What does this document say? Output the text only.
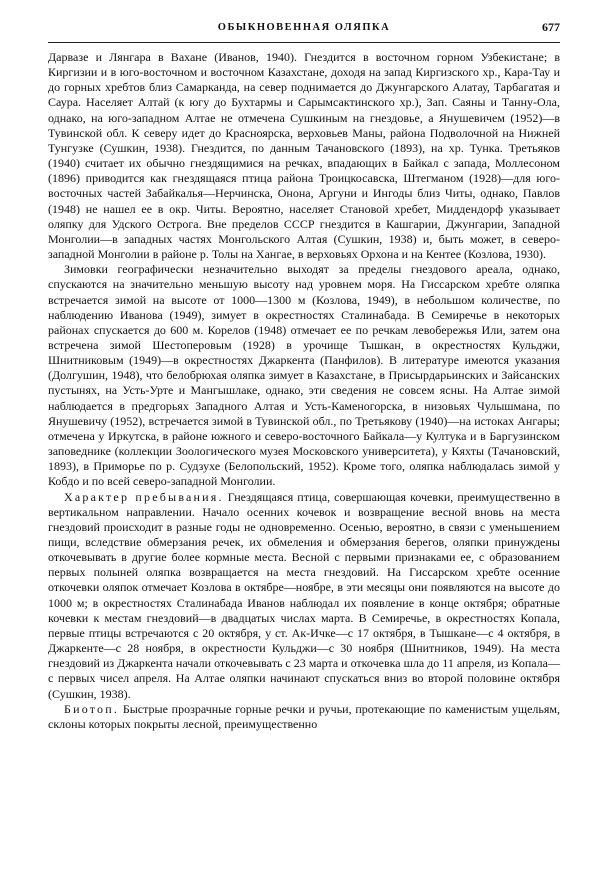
ОБЫКНОВЕННАЯ ОЛЯПКА	677

Дарвазе и Лянгара в Вахане (Иванов, 1940). Гнездится в восточном горном Узбекистане; в Киргизии и в юго-восточном и восточном Казахстане, доходя на запад Киргизского хр., Кара-Тау и до горных хребтов близ Самарканда, на север поднимается до Джунгарского Алатау, Тарбагатая и Саура. Населяет Алтай (к югу до Бухтармы и Сарымсактинского хр.), Зап. Саяны и Танну-Ола, однако, на юго-западном Алтае не отмечена Сушкиным на гнездовье, а Янушевичем (1952)—в Тувинской обл. К северу идет до Красноярска, верховьев Маны, района Подволочной на Нижней Тунгузке (Сушкин, 1938). Гнездится, по данным Тачановского (1893), на хр. Тунка. Третьяков (1940) считает их обычно гнездящимися на речках, впадающих в Байкал с запада, Моллесоном (1896) приводится как гнездящаяся птица района Троицкосавска, Штегманом (1928)—для юго-восточных частей Забайкалья—Нерчинска, Онона, Аргуни и Ингоды близ Читы, однако, Павлов (1948) не нашел ее в окр. Читы. Вероятно, населяет Становой хребет, Миддендорф указывает оляпку для Удского Острога. Вне пределов СССР гнездится в Кашгарии, Джунгарии, Западной Монголии—в западных частях Монгольского Алтая (Сушкин, 1938) и, быть может, в северо-западной Монголии в районе р. Толы на Хангае, в верховьях Орхона и на Кентее (Козлова, 1930).

Зимовки географически незначительно выходят за пределы гнездового ареала, однако, спускаются на значительно меньшую высоту над уровнем моря. На Гиссарском хребте оляпка встречается зимой на высоте от 1000—1300 м (Козлова, 1949), в небольшом количестве, по наблюдению Иванова (1949), зимует в окрестностях Сталинабада. В Семиречье в некоторых районах спускается до 600 м. Корелов (1948) отмечает ее по речкам левобережья Или, затем она встречена зимой Шестоперовым (1928) в урочище Тышкан, в окрестностях Кульджи, Шнитниковым (1949)—в окрестностях Джаркента (Панфилов). В литературе имеются указания (Долгушин, 1948), что белобрюхая оляпка зимует в Казахстане, в Присырдарьинских и Зайсанских пустынях, на Усть-Урте и Мангышлаке, однако, эти сведения не совсем ясны. На Алтае зимой наблюдается в предгорьях Западного Алтая и Усть-Каменогорска, в низовьях Чулышмана, по Янушевичу (1952), встречается зимой в Тувинской обл., по Третьякову (1940)—на истоках Ангары; отмечена у Иркутска, в районе южного и северо-восточного Байкала—у Култука и в Баргузинском заповеднике (коллекции Зоологического музея Московского университета), у Кяхты (Тачановский, 1893), в Приморье по р. Судзухе (Белопольский, 1952). Кроме того, оляпка наблюдалась зимой у Кобдо и по всей северо-западной Монголии.

Характер пребывания. Гнездящаяся птица, совершающая кочевки, преимущественно в вертикальном направлении. Начало осенних кочевок и возвращение весной вновь на места гнездовий происходит в разные годы не одновременно. Осенью, вероятно, в связи с уменьшением пищи, вследствие обмерзания речек, их обмеления и обмерзания берегов, оляпки принуждены откочевывать в другие более кормные места. Весной с первыми признаками ее, с образованием первых полыней оляпка возвращается на места гнездовий. На Гиссарском хребте осенние откочевки оляпок отмечает Козлова в октябре—ноябре, в эти месяцы они появляются на высоте до 1000 м; в окрестностях Сталинабада Иванов наблюдал их появление в конце октября; обратные кочевки к местам гнездовий—в двадцатых числах марта. В Семиречье, в окрестностях Копала, первые птицы встречаются с 20 октября, у ст. Ак-Ичке—с 17 октября, в Тышкане—с 4 октября, в Джаркенте—с 28 ноября, в окрестности Кульджи—с 30 ноября (Шнитников, 1949). На места гнездовий из Джаркента начали откочевывать с 23 марта и откочевка шла до 11 апреля, из Копала—с первых чисел апреля. На Алтае оляпки начинают спускаться вниз во второй половине октября (Сушкин, 1938).

Биотоп. Быстрые прозрачные горные речки и ручьи, протекающие по каменистым ущельям, склоны которых покрыты лесной, преимущественно
